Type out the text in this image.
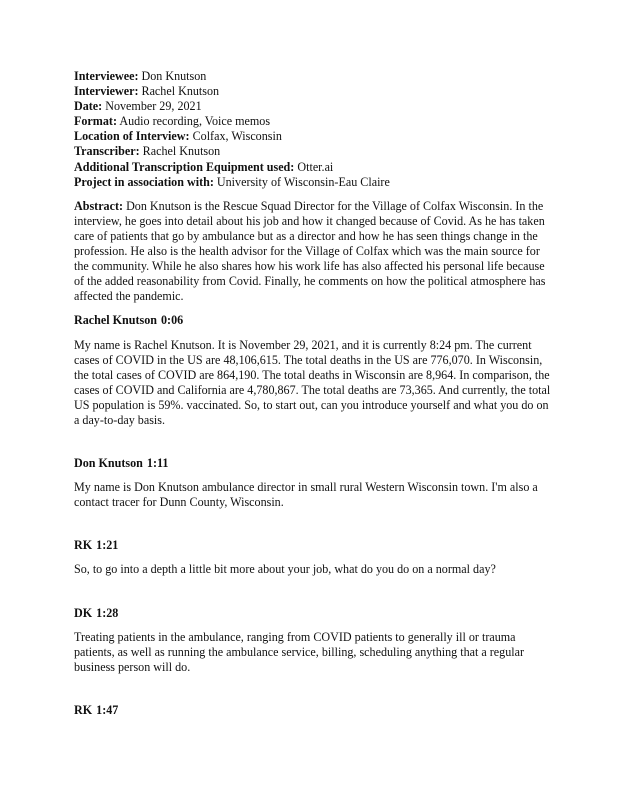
Interviewee: Don Knutson
Interviewer: Rachel Knutson
Date: November 29, 2021
Format: Audio recording, Voice memos
Location of Interview: Colfax, Wisconsin
Transcriber: Rachel Knutson
Additional Transcription Equipment used: Otter.ai
Project in association with: University of Wisconsin-Eau Claire

Abstract: Don Knutson is the Rescue Squad Director for the Village of Colfax Wisconsin. In the interview, he goes into detail about his job and how it changed because of Covid. As he has taken care of patients that go by ambulance but as a director and how he has seen things change in the profession. He also is the health advisor for the Village of Colfax which was the main source for the community. While he also shares how his work life has also affected his personal life because of the added reasonability from Covid. Finally, he comments on how the political atmosphere has affected the pandemic.

Rachel Knutson 0:06

My name is Rachel Knutson. It is November 29, 2021, and it is currently 8:24 pm. The current cases of COVID in the US are 48,106,615. The total deaths in the US are 776,070. In Wisconsin, the total cases of COVID are 864,190. The total deaths in Wisconsin are 8,964. In comparison, the cases of COVID and California are 4,780,867. The total deaths are 73,365. And currently, the total US population is 59%. vaccinated. So, to start out, can you introduce yourself and what you do on a day-to-day basis.

Don Knutson 1:11

My name is Don Knutson ambulance director in small rural Western Wisconsin town. I'm also a contact tracer for Dunn County, Wisconsin.

RK 1:21

So, to go into a depth a little bit more about your job, what do you do on a normal day?

DK 1:28

Treating patients in the ambulance, ranging from COVID patients to generally ill or trauma patients, as well as running the ambulance service, billing, scheduling anything that a regular business person will do.

RK 1:47
